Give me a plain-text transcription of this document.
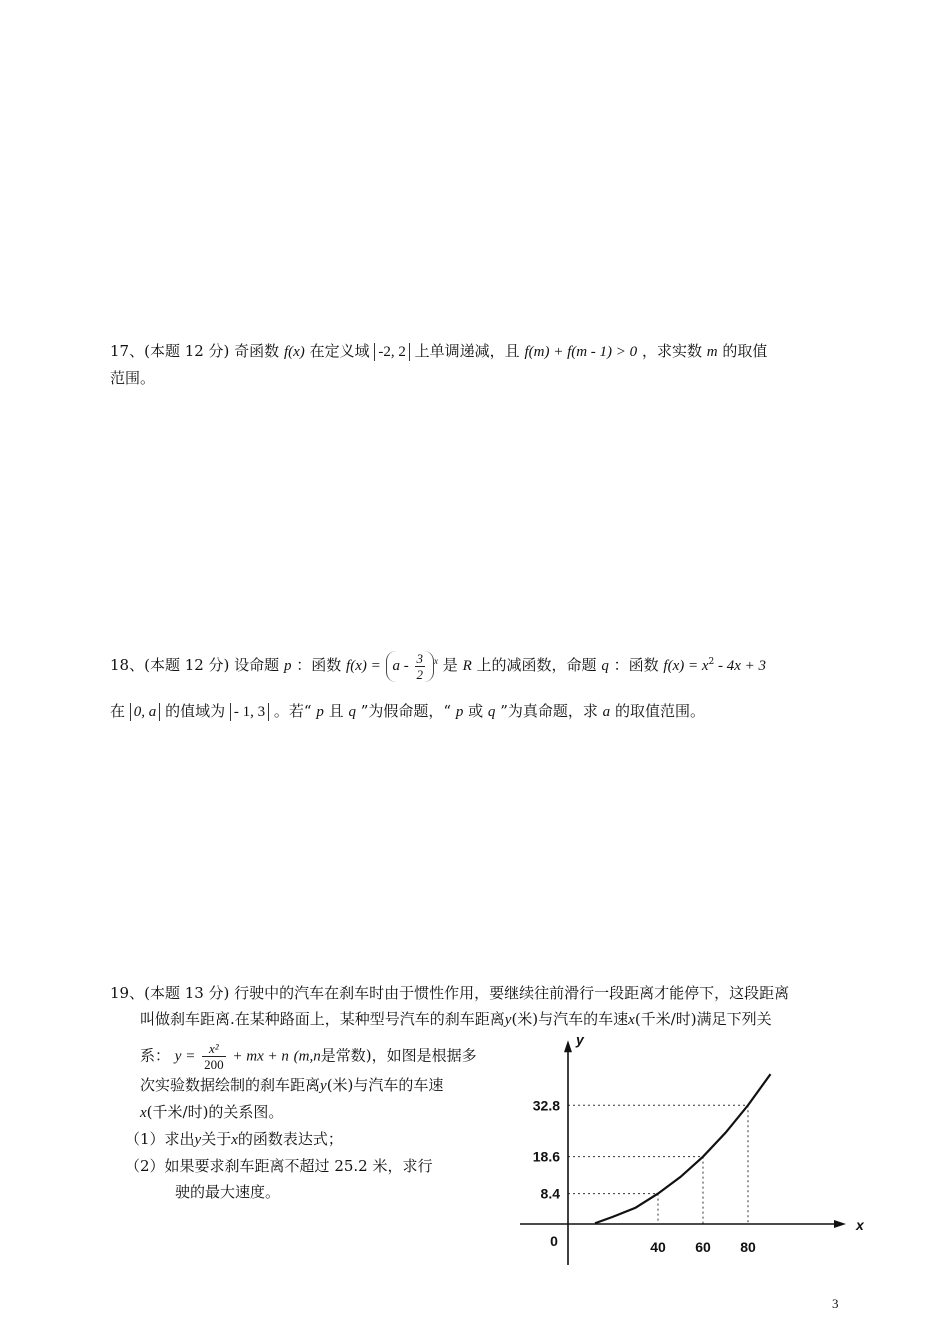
17、(本题 12 分) 奇函数 f(x) 在定义域 -2, 2 上单调递减，且 f(m) + f(m - 1) > 0 ，求实数 m 的取值
范围。
18、(本题 12 分) 设命题 p ：函数 $f(x) = a - \frac{3}{2} ^x$ 是 R 上的减函数，命题 q ：函数 $f(x) = x^2 - 4x + 3$
在 0, a 的值域为 - 1, 3 。若“ p 且 q ”为假命题，“ p 或 q ”为真命题，求 a 的取值范围。
19、(本题 13 分) 行驶中的汽车在刹车时由于惯性作用，要继续往前滑行一段距离才能停下，这段距离
叫做刹车距离.在某种路面上，某种型号汽车的刹车距离y(米)与汽车的车速x(千米/时)满足下列关
系： $y = \frac{\text{x²}}{200}$ + mx + n (m,n是常数)，如图是根据多
次实验数据绘制的刹车距离y(米)与汽车的车速
x(千米/时)的关系图。
（1）求出y关于x的函数表达式；
（2）如果要求刹车距离不超过 25.2 米，求行
驶的最大速度。
40 60 80
32.8
18.6
8.4
0
x
y
3
